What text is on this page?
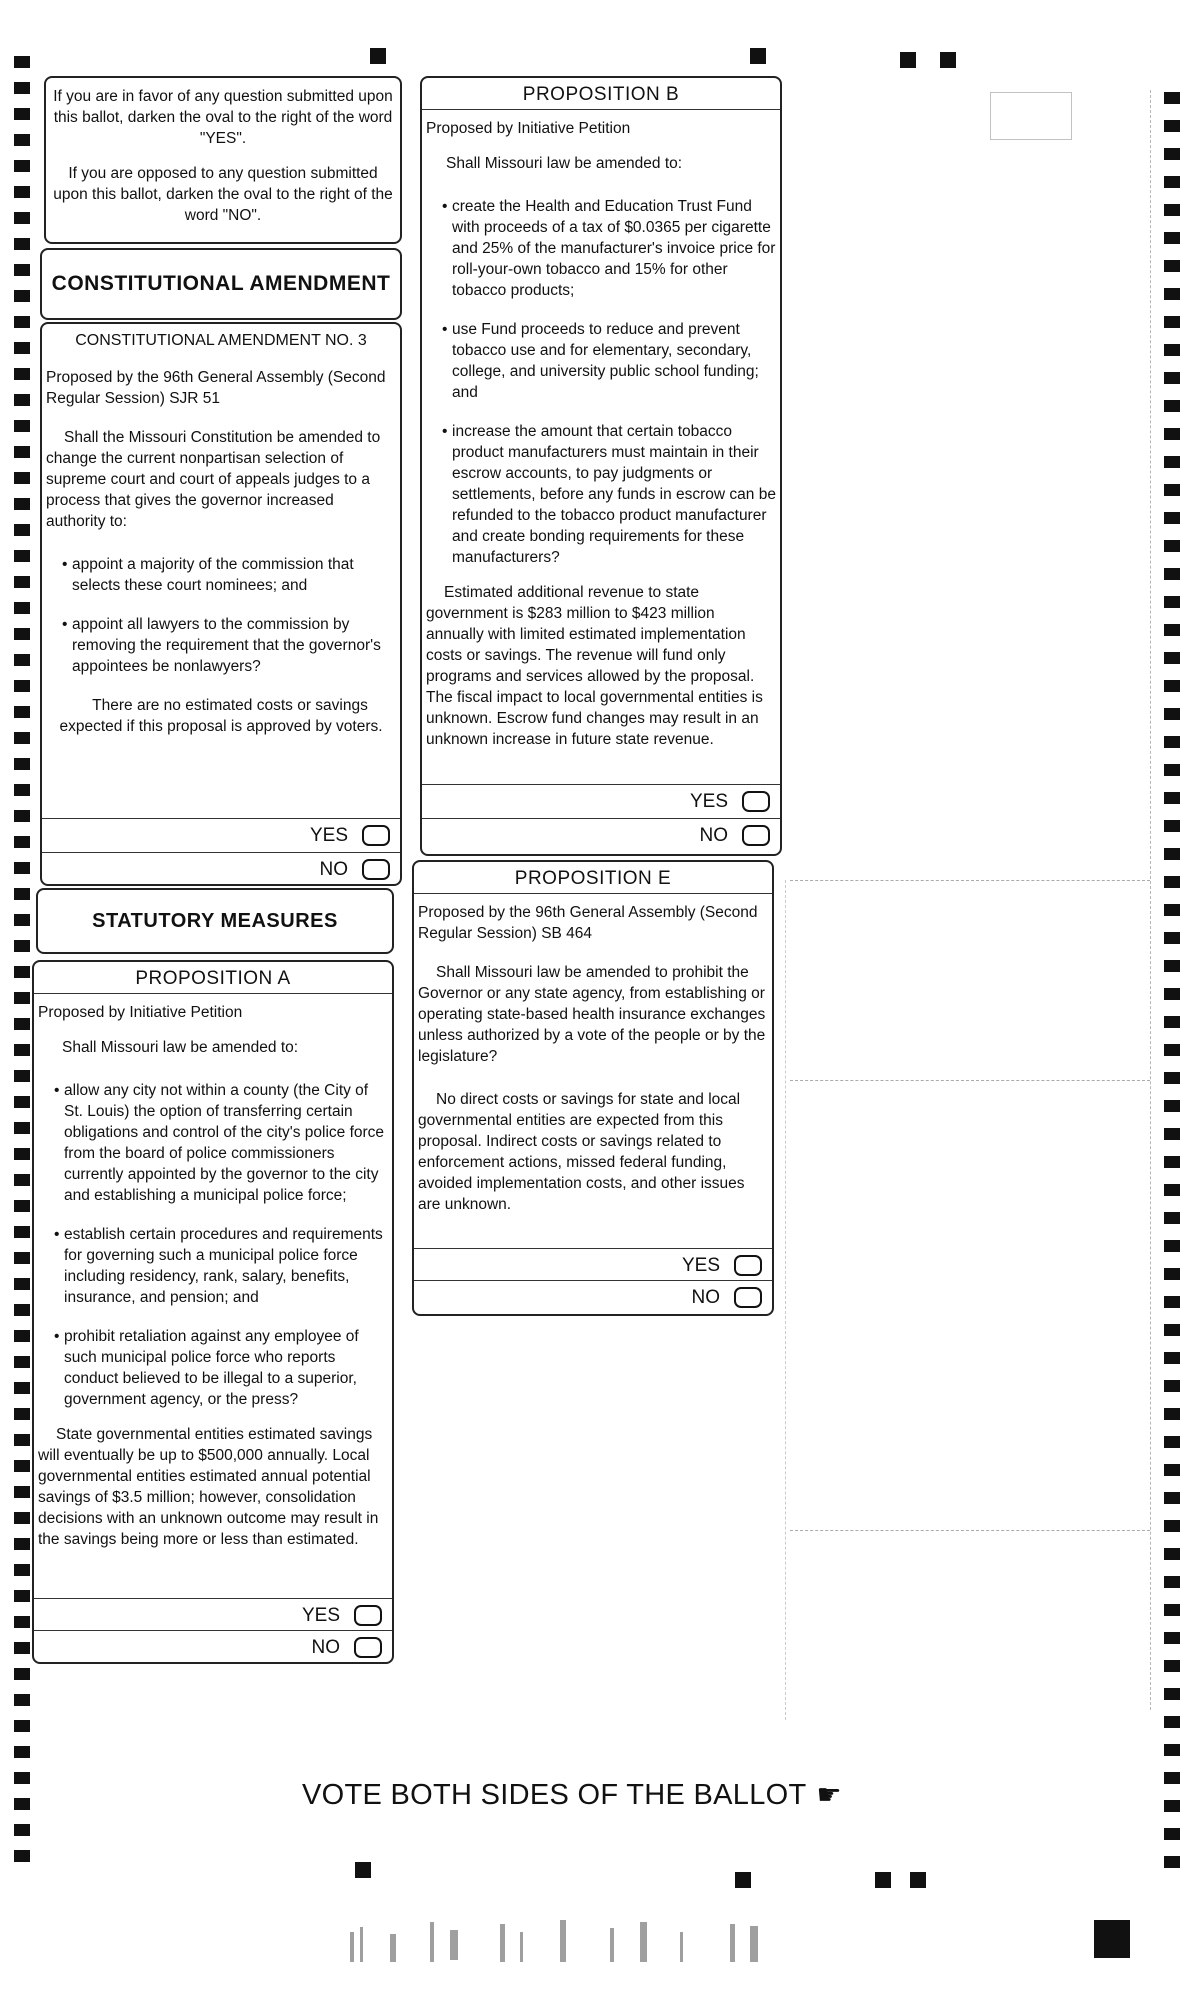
If you are in favor of any question submitted upon this ballot, darken the oval to the right of the word "YES".
If you are opposed to any question submitted upon this ballot, darken the oval to the right of the word "NO".
CONSTITUTIONAL AMENDMENT
CONSTITUTIONAL AMENDMENT NO. 3
Proposed by the 96th General Assembly (Second Regular Session) SJR 51

Shall the Missouri Constitution be amended to change the current nonpartisan selection of supreme court and court of appeals judges to a process that gives the governor increased authority to:

• appoint a majority of the commission that selects these court nominees; and
• appoint all lawyers to the commission by removing the requirement that the governor's appointees be nonlawyers?

There are no estimated costs or savings expected if this proposal is approved by voters.

YES
NO
STATUTORY MEASURES
PROPOSITION A
Proposed by Initiative Petition

Shall Missouri law be amended to:

• allow any city not within a county (the City of St. Louis) the option of transferring certain obligations and control of the city's police force from the board of police commissioners currently appointed by the governor to the city and establishing a municipal police force;
• establish certain procedures and requirements for governing such a municipal police force including residency, rank, salary, benefits, insurance, and pension; and
• prohibit retaliation against any employee of such municipal police force who reports conduct believed to be illegal to a superior, government agency, or the press?

State governmental entities estimated savings will eventually be up to $500,000 annually. Local governmental entities estimated annual potential savings of $3.5 million; however, consolidation decisions with an unknown outcome may result in the savings being more or less than estimated.

YES
NO
PROPOSITION B
Proposed by Initiative Petition

Shall Missouri law be amended to:

• create the Health and Education Trust Fund with proceeds of a tax of $0.0365 per cigarette and 25% of the manufacturer's invoice price for roll-your-own tobacco and 15% for other tobacco products;
• use Fund proceeds to reduce and prevent tobacco use and for elementary, secondary, college, and university public school funding; and
• increase the amount that certain tobacco product manufacturers must maintain in their escrow accounts, to pay judgments or settlements, before any funds in escrow can be refunded to the tobacco product manufacturer and create bonding requirements for these manufacturers?

Estimated additional revenue to state government is $283 million to $423 million annually with limited estimated implementation costs or savings. The revenue will fund only programs and services allowed by the proposal. The fiscal impact to local governmental entities is unknown. Escrow fund changes may result in an unknown increase in future state revenue.

YES
NO
PROPOSITION E
Proposed by the 96th General Assembly (Second Regular Session) SB 464

Shall Missouri law be amended to prohibit the Governor or any state agency, from establishing or operating state-based health insurance exchanges unless authorized by a vote of the people or by the legislature?

No direct costs or savings for state and local governmental entities are expected from this proposal. Indirect costs or savings related to enforcement actions, missed federal funding, avoided implementation costs, and other issues are unknown.

YES
NO
VOTE BOTH SIDES OF THE BALLOT ☛
